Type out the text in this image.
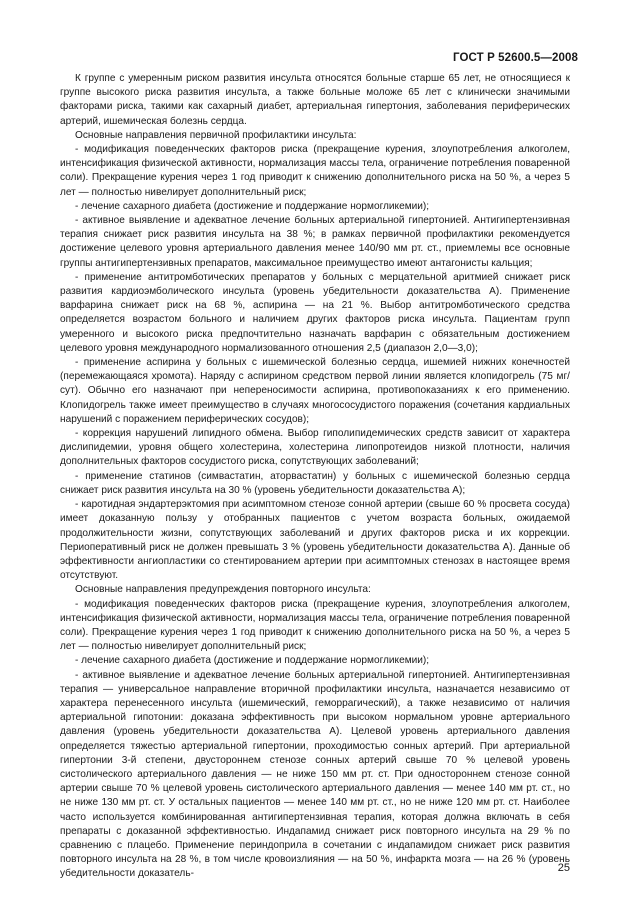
ГОСТ Р 52600.5—2008

К группе с умеренным риском развития инсульта относятся больные старше 65 лет, не относящиеся к группе высокого риска развития инсульта, а также больные моложе 65 лет с клинически значимыми факторами риска, такими как сахарный диабет, артериальная гипертония, заболевания периферических артерий, ишемическая болезнь сердца.

Основные направления первичной профилактики инсульта:

- модификация поведенческих факторов риска (прекращение курения, злоупотребления алкоголем, интенсификация физической активности, нормализация массы тела, ограничение потребления поваренной соли). Прекращение курения через 1 год приводит к снижению дополнительного риска на 50 %, а через 5 лет — полностью нивелирует дополнительный риск;

- лечение сахарного диабета (достижение и поддержание нормогликемии);

- активное выявление и адекватное лечение больных артериальной гипертонией. Антигипертензивная терапия снижает риск развития инсульта на 38 %; в рамках первичной профилактики рекомендуется достижение целевого уровня артериального давления менее 140/90 мм рт. ст., приемлемы все основные группы антигипертензивных препаратов, максимальное преимущество имеют антагонисты кальция;

- применение антитромботических препаратов у больных с мерцательной аритмией снижает риск развития кардиоэмболического инсульта (уровень убедительности доказательства А). Применение варфарина снижает риск на 68 %, аспирина — на 21 %. Выбор антитромботического средства определяется возрастом больного и наличием других факторов риска инсульта. Пациентам групп умеренного и высокого риска предпочтительно назначать варфарин с обязательным достижением целевого уровня международного нормализованного отношения 2,5 (диапазон 2,0—3,0);

- применение аспирина у больных с ишемической болезнью сердца, ишемией нижних конечностей (перемежающаяся хромота). Наряду с аспирином средством первой линии является клопидогрель (75 мг/сут). Обычно его назначают при непереносимости аспирина, противопоказаниях к его применению. Клопидогрель также имеет преимущество в случаях многососудистого поражения (сочетания кардиальных нарушений с поражением периферических сосудов);

- коррекция нарушений липидного обмена. Выбор гиполипидемических средств зависит от характера дислипидемии, уровня общего холестерина, холестерина липопротеидов низкой плотности, наличия дополнительных факторов сосудистого риска, сопутствующих заболеваний;

- применение статинов (симвастатин, аторвастатин) у больных с ишемической болезнью сердца снижает риск развития инсульта на 30 % (уровень убедительности доказательства А);

- каротидная эндартерэктомия при асимптомном стенозе сонной артерии (свыше 60 % просвета сосуда) имеет доказанную пользу у отобранных пациентов с учетом возраста больных, ожидаемой продолжительности жизни, сопутствующих заболеваний и других факторов риска и их коррекции. Периоперативный риск не должен превышать 3 % (уровень убедительности доказательства А). Данные об эффективности ангиопластики со стентированием артерии при асимптомных стенозах в настоящее время отсутствуют.

Основные направления предупреждения повторного инсульта:

- модификация поведенческих факторов риска (прекращение курения, злоупотребления алкоголем, интенсификация физической активности, нормализация массы тела, ограничение потребления поваренной соли). Прекращение курения через 1 год приводит к снижению дополнительного риска на 50 %, а через 5 лет — полностью нивелирует дополнительный риск;

- лечение сахарного диабета (достижение и поддержание нормогликемии);

- активное выявление и адекватное лечение больных артериальной гипертонией. Антигипертензивная терапия — универсальное направление вторичной профилактики инсульта, назначается независимо от характера перенесенного инсульта (ишемический, геморрагический), а также независимо от наличия артериальной гипотонии: доказана эффективность при высоком нормальном уровне артериального давления (уровень убедительности доказательства А). Целевой уровень артериального давления определяется тяжестью артериальной гипертонии, проходимостью сонных артерий. При артериальной гипертонии 3-й степени, двустороннем стенозе сонных артерий свыше 70 % целевой уровень систолического артериального давления — не ниже 150 мм рт. ст. При одностороннем стенозе сонной артерии свыше 70 % целевой уровень систолического артериального давления — менее 140 мм рт. ст., но не ниже 130 мм рт. ст. У остальных пациентов — менее 140 мм рт. ст., но не ниже 120 мм рт. ст. Наиболее часто используется комбинированная антигипертензивная терапия, которая должна включать в себя препараты с доказанной эффективностью. Индапамид снижает риск повторного инсульта на 29 % по сравнению с плацебо. Применение периндоприла в сочетании с индапамидом снижает риск развития повторного инсульта на 28 %, в том числе кровоизлияния — на 50 %, инфаркта мозга — на 26 % (уровень убедительности доказатель-	25
